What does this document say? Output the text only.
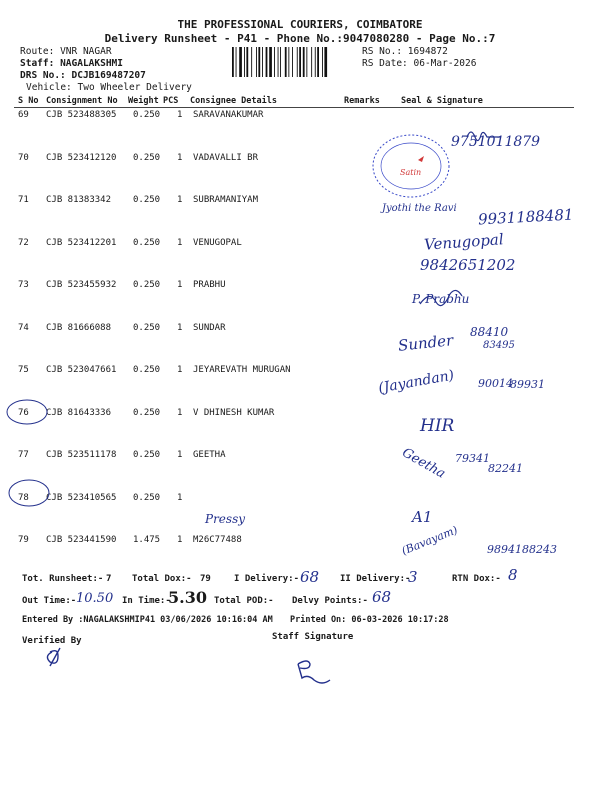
THE PROFESSIONAL COURIERS, COIMBATORE
Delivery Runsheet - P41 - Phone No.:9047080280 - Page No.:7
Route: VNR NAGAR
Staff: NAGALAKSHMI
DRS No.: DCJB169487207
Vehicle: Two Wheeler Delivery
RS No.: 1694872
RS Date: 06-Mar-2026
S No Consignment No Weight PCS Consignee Details	Remarks Seal & Signature
69 CJB 523488305 0.250 1 SARAVANAKUMAR
70 CJB 523412120 0.250 1 VADAVALLI BR
71 CJB 81383342 0.250 1 SUBRAMANIYAM
72 CJB 523412201 0.250 1 VENUGOPAL
73 CJB 523455932 0.250 1 PRABHU
74 CJB 81666088 0.250 1 SUNDAR
75 CJB 523047661 0.250 1 JEYAREVATH MURUGAN
76 CJB 81643336 0.250 1 V DHINESH KUMAR
77 CJB 523511178 0.250 1 GEETHA
78 CJB 523410565 0.250 1
79 CJB 523441590 1.475 1 M26C77488
9751011879
Satin
Jyothi the Ravi 9931188481
Venugopal
9842651202
P. Prabhu
Sunder 88410
83495
(Jayandan) 90014
89931
HIR
Geetha 79341
82241
Pressy	A1
(Bavayam)	9894188243
Tot. Runsheet:- 7 Total Dox:- 79	I Delivery:-	II Delivery:-	RTN Dox:-
68	3	8
Out Time:-	In Time:-	Total POD:- Delvy Points:-
10.50	5.30	68
Entered By :NAGALAKSHMIP41 03/06/2026 10:16:04 AM Printed On: 06-03-2026 10:17:28
Verified By	Staff Signature
